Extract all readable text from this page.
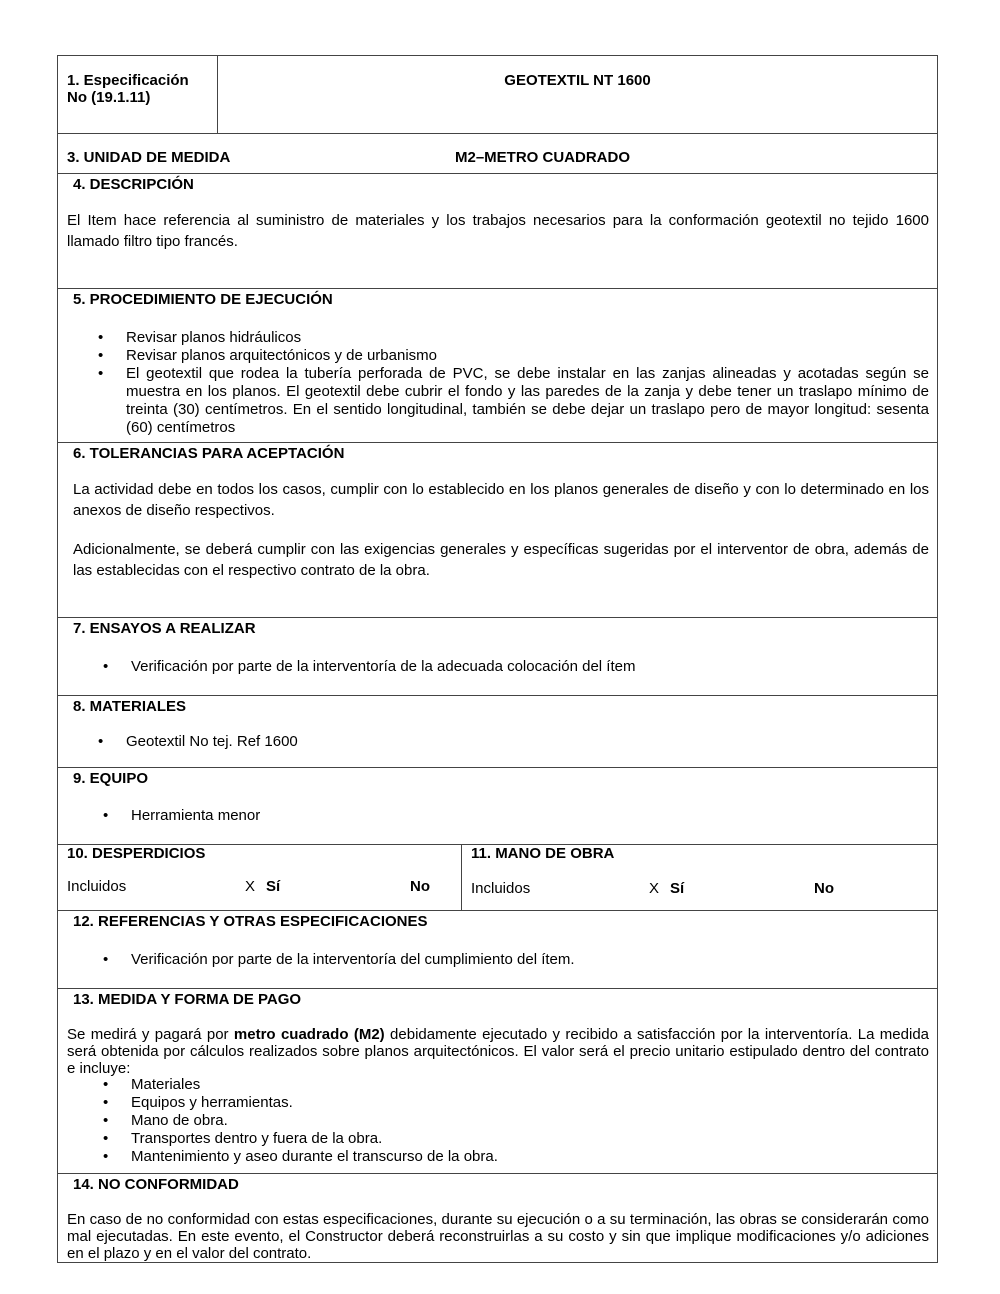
1. Especificación
No (19.1.11)
GEOTEXTIL NT 1600
3. UNIDAD DE MEDIDA	M2–METRO CUADRADO
4. DESCRIPCIÓN
El Item hace referencia al suministro de materiales y los trabajos necesarios para la conformación geotextil no tejido 1600 llamado filtro tipo francés.
5. PROCEDIMIENTO DE EJECUCIÓN
• Revisar planos hidráulicos
• Revisar planos arquitectónicos y de urbanismo
• El geotextil que rodea la tubería perforada de PVC, se debe instalar en las zanjas alineadas y acotadas según se muestra en los planos. El geotextil debe cubrir el fondo y las paredes de la zanja y debe tener un traslapo mínimo de treinta (30) centímetros. En el sentido longitudinal, también se debe dejar un traslapo pero de mayor longitud: sesenta (60) centímetros
6. TOLERANCIAS PARA ACEPTACIÓN
La actividad debe en todos los casos, cumplir con lo establecido en los planos generales de diseño y con lo determinado en los anexos de diseño respectivos.
Adicionalmente, se deberá cumplir con las exigencias generales y específicas sugeridas por el interventor de obra, además de las establecidas con el respectivo contrato de la obra.
7. ENSAYOS A REALIZAR
• Verificación por parte de la interventoría de la adecuada colocación del ítem
8. MATERIALES
• Geotextil No tej. Ref 1600
9. EQUIPO
• Herramienta menor
10. DESPERDICIOS
Incluidos	X Sí	No
11. MANO DE OBRA
Incluidos	X Sí	No
12. REFERENCIAS Y OTRAS ESPECIFICACIONES
• Verificación por parte de la interventoría del cumplimiento del ítem.
13. MEDIDA Y FORMA DE PAGO
Se medirá y pagará por metro cuadrado (M2) debidamente ejecutado y recibido a satisfacción por la interventoría. La medida será obtenida por cálculos realizados sobre planos arquitectónicos. El valor será el precio unitario estipulado dentro del contrato e incluye:
• Materiales
• Equipos y herramientas.
• Mano de obra.
• Transportes dentro y fuera de la obra.
• Mantenimiento y aseo durante el transcurso de la obra.
14. NO CONFORMIDAD
En caso de no conformidad con estas especificaciones, durante su ejecución o a su terminación, las obras se considerarán como mal ejecutadas. En este evento, el Constructor deberá reconstruirlas a su costo y sin que implique modificaciones y/o adiciones en el plazo y en el valor del contrato.
